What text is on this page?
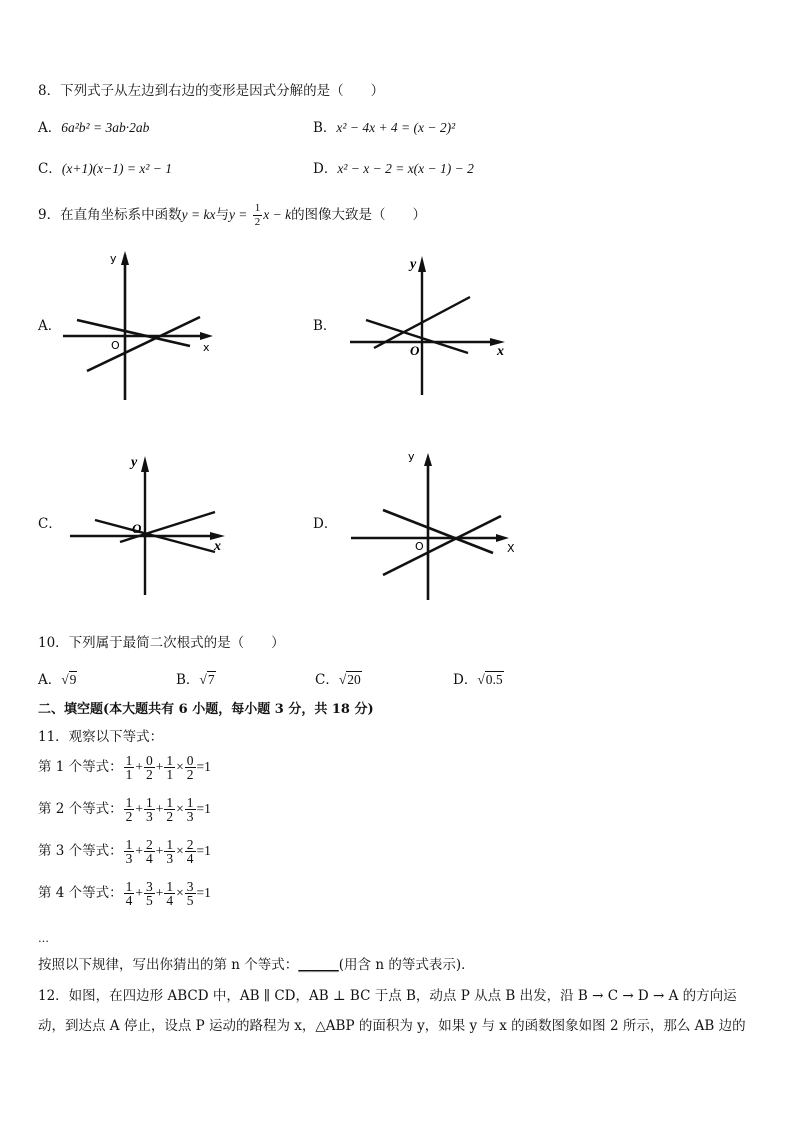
8．下列式子从左边到右边的变形是因式分解的是（　　）
A．6a²b² = 3ab·2ab	B．x² − 4x + 4 = (x − 2)²
C．(x+1)(x−1) = x² − 1	D．x² − x − 2 = x(x − 1) − 2
9．在直角坐标系中函数y = kx与$y = \frac{1}{2}$ x − k的图像大致是（　　）
A．	B．
C．	D．
y
x
O
y
x
O
y
x
O
y
X
O
10．下列属于最简二次根式的是（　　）
A．√9	B．√7	C．√20	D．√0.5
二、填空题(本大题共有 6 小题，每小题 3 分，共 18 分)
11．观察以下等式：
第 1 个等式： $\frac{1}{1} + \frac{0}{2} + \frac{1}{1} \times \frac{0}{2} =1$
第 2 个等式： $\frac{1}{2} + \frac{1}{3} + \frac{1}{2} \times \frac{1}{3} =1$
第 3 个等式： $\frac{1}{3} + \frac{2}{4} + \frac{1}{3} \times \frac{2}{4} =1$
第 4 个等式： $\frac{1}{4} + \frac{3}{5} + \frac{1}{4} \times \frac{3}{5} =1$
…
按照以下规律，写出你猜出的第 n 个等式：______(用含 n 的等式表示)．
12．如图，在四边形 ABCD 中，AB ∥ CD，AB ⊥ BC 于点 B，动点 P 从点 B 出发，沿 B → C → D → A 的方向运
动，到达点 A 停止，设点 P 运动的路程为 x，△ABP 的面积为 y，如果 y 与 x 的函数图象如图 2 所示，那么 AB 边的
